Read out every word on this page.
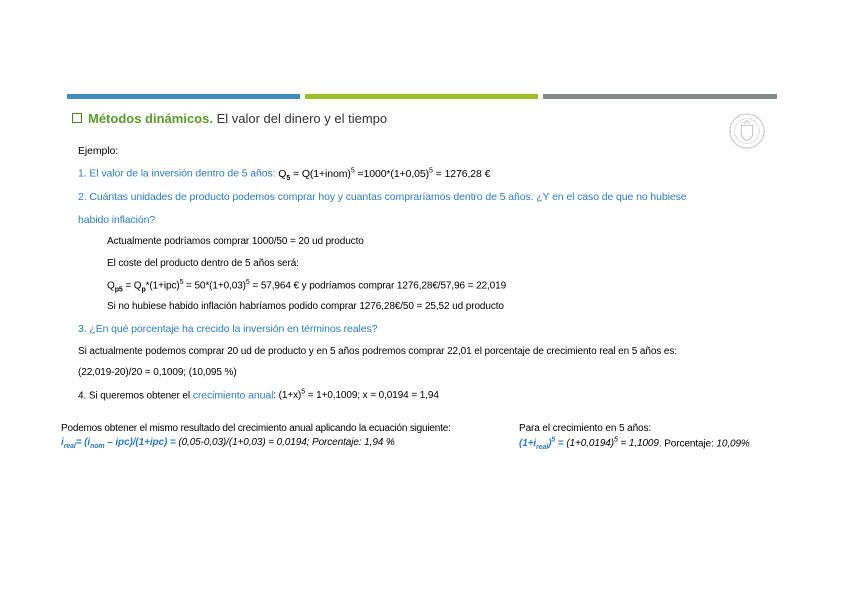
Métodos dinámicos. El valor del dinero y el tiempo
Ejemplo:
1. El valor de la inversión dentro de 5 años: $Q_5$ = Q(1+inom)$^5$ $=1000*(1+0,05)^5 = 1276,28$ €
2. Cuántas unidades de producto podemos comprar hoy y cuantas compraríamos dentro de 5 años. ¿Y en el caso de que no hubiese
habido inflación?
Actualmente podríamos comprar 1000/50 = 20 ud producto
El coste del producto dentro de 5 años será:
$Q_{p5} = Q_p*(1+ipc)^5 = 50*(1+0,03)^5 = 57,964$ € y podríamos comprar 1276,28€/57,96 = 22,019
Si no hubiese habido inflación habríamos podido comprar 1276,28€/50 = 25,52 ud producto
3. ¿En qué porcentaje ha crecido la inversión en términos reales?
Si actualmente podemos comprar 20 ud de producto y en 5 años podremos comprar 22,01 el porcentaje de crecimiento real en 5 años es:
(22,019-20)/20 = 0,1009; (10,095 %)
4. Si queremos obtener el crecimiento anual: $(1+x)^5 = 1+0,1009$; x = 0,0194 = 1,94
Podemos obtener el mismo resultado del crecimiento anual aplicando la ecuación siguiente:
$i_{real}= (i_{nom} - ipc)/(1+ipc) = (0,05-0,03)/(1+0,03) = 0,0194$; Porcentaje: 1,94 %
Para el crecimiento en 5 años:
$(1+i_{real})^5 = (1+0,0194)^5 = 1,1009$. Porcentaje: 10,09%
